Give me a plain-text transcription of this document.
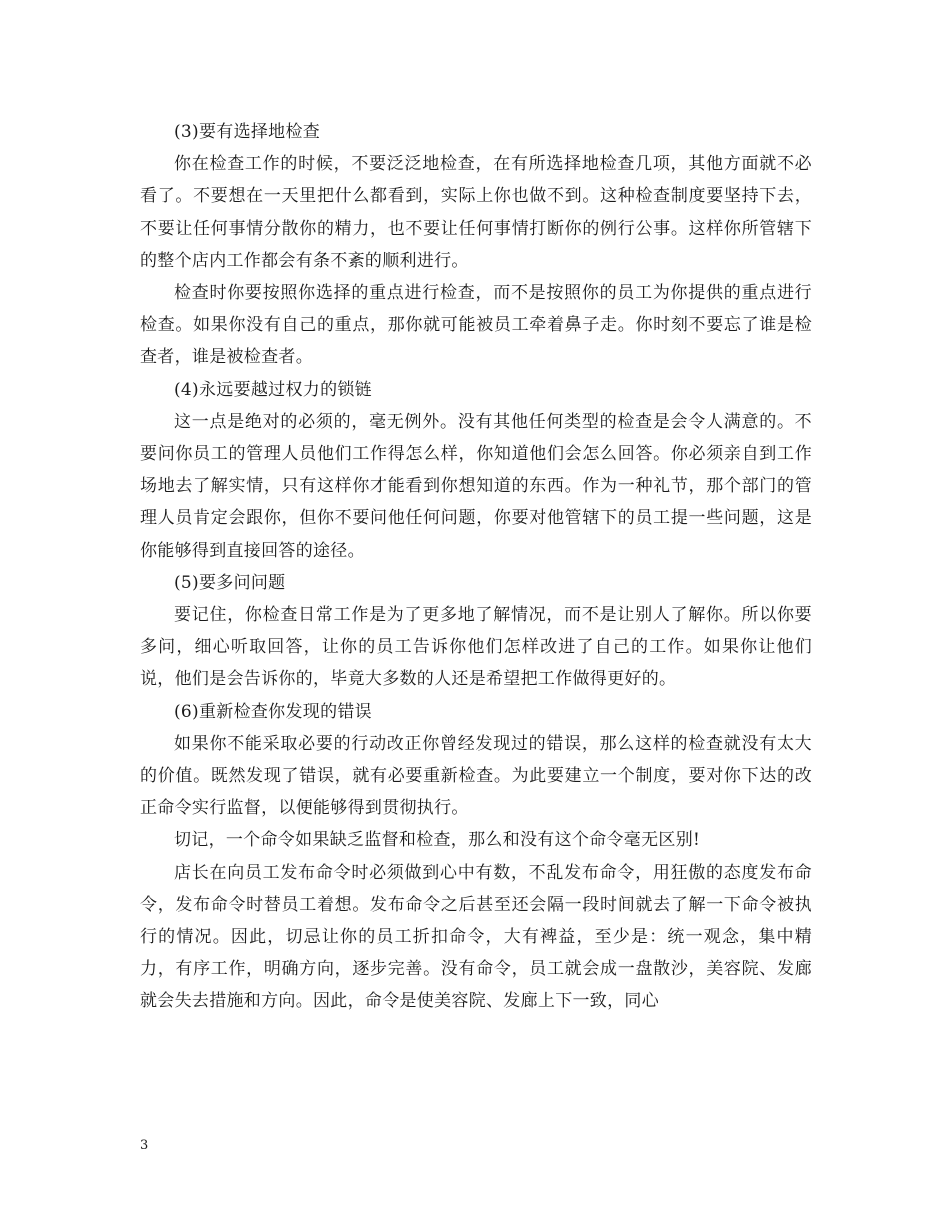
(3)要有选择地检查

你在检查工作的时候，不要泛泛地检查，在有所选择地检查几项，其他方面就不必看了。不要想在一天里把什么都看到，实际上你也做不到。这种检查制度要坚持下去，不要让任何事情分散你的精力，也不要让任何事情打断你的例行公事。这样你所管辖下的整个店内工作都会有条不紊的顺利进行。

检查时你要按照你选择的重点进行检查，而不是按照你的员工为你提供的重点进行检查。如果你没有自己的重点，那你就可能被员工牵着鼻子走。你时刻不要忘了谁是检查者，谁是被检查者。

(4)永远要越过权力的锁链

这一点是绝对的必须的，毫无例外。没有其他任何类型的检查是会令人满意的。不要问你员工的管理人员他们工作得怎么样，你知道他们会怎么回答。你必须亲自到工作场地去了解实情，只有这样你才能看到你想知道的东西。作为一种礼节，那个部门的管理人员肯定会跟你，但你不要问他任何问题，你要对他管辖下的员工提一些问题，这是你能够得到直接回答的途径。

(5)要多问问题

要记住，你检查日常工作是为了更多地了解情况，而不是让别人了解你。所以你要多问，细心听取回答，让你的员工告诉你他们怎样改进了自己的工作。如果你让他们说，他们是会告诉你的，毕竟大多数的人还是希望把工作做得更好的。

(6)重新检查你发现的错误

如果你不能采取必要的行动改正你曾经发现过的错误，那么这样的检查就没有太大的价值。既然发现了错误，就有必要重新检查。为此要建立一个制度，要对你下达的改正命令实行监督，以便能够得到贯彻执行。

切记，一个命令如果缺乏监督和检查，那么和没有这个命令毫无区别!

店长在向员工发布命令时必须做到心中有数，不乱发布命令，用狂傲的态度发布命令，发布命令时替员工着想。发布命令之后甚至还会隔一段时间就去了解一下命令被执行的情况。因此，切忌让你的员工折扣命令，大有裨益，至少是：统一观念，集中精力，有序工作，明确方向，逐步完善。没有命令，员工就会成一盘散沙，美容院、发廊就会失去措施和方向。因此，命令是使美容院、发廊上下一致，同心

3
